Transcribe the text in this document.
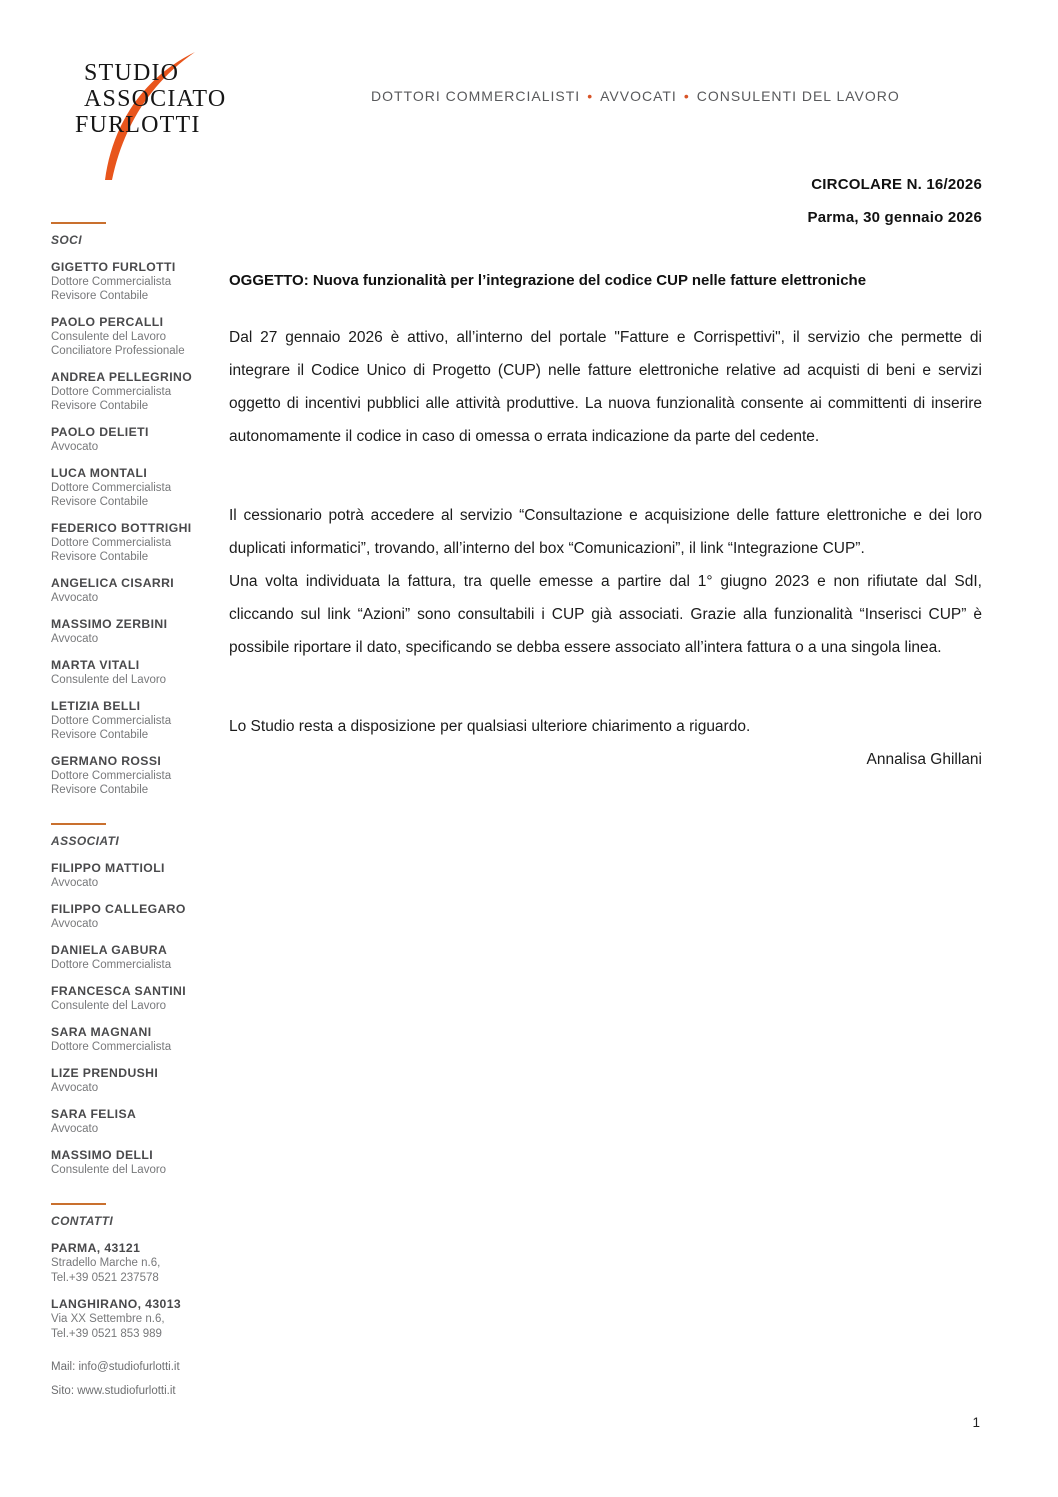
STUDIO
ASSOCIATO
FURLOTTI
DOTTORI COMMERCIALISTI • AVVOCATI • CONSULENTI DEL LAVORO
CIRCOLARE N. 16/2026
Parma, 30 gennaio 2026
SOCI
GIGETTO FURLOTTI
Dottore Commercialista
Revisore Contabile
PAOLO PERCALLI
Consulente del Lavoro
Conciliatore Professionale
ANDREA PELLEGRINO
Dottore Commercialista
Revisore Contabile
PAOLO DELIETI
Avvocato
LUCA MONTALI
Dottore Commercialista
Revisore Contabile
FEDERICO BOTTRIGHI
Dottore Commercialista
Revisore Contabile
ANGELICA CISARRI
Avvocato
MASSIMO ZERBINI
Avvocato
MARTA VITALI
Consulente del Lavoro
LETIZIA BELLI
Dottore Commercialista
Revisore Contabile
GERMANO ROSSI
Dottore Commercialista
Revisore Contabile
ASSOCIATI
FILIPPO MATTIOLI
Avvocato
FILIPPO CALLEGARO
Avvocato
DANIELA GABURA
Dottore Commercialista
FRANCESCA SANTINI
Consulente del Lavoro
SARA MAGNANI
Dottore Commercialista
LIZE PRENDUSHI
Avvocato
SARA FELISA
Avvocato
MASSIMO DELLI
Consulente del Lavoro
CONTATTI
PARMA, 43121
Stradello Marche n.6,
Tel.+39 0521 237578
LANGHIRANO, 43013
Via XX Settembre n.6,
Tel.+39 0521 853 989
Mail: info@studiofurlotti.it
Sito: www.studiofurlotti.it
OGGETTO: Nuova funzionalità per l’integrazione del codice CUP nelle fatture elettroniche

Dal 27 gennaio 2026 è attivo, all’interno del portale "Fatture e Corrispettivi", il servizio che permette di integrare il Codice Unico di Progetto (CUP) nelle fatture elettroniche relative ad acquisti di beni e servizi oggetto di incentivi pubblici alle attività produttive. La nuova funzionalità consente ai committenti di inserire autonomamente il codice in caso di omessa o errata indicazione da parte del cedente.

Il cessionario potrà accedere al servizio “Consultazione e acquisizione delle fatture elettroniche e dei loro duplicati informatici”, trovando, all’interno del box “Comunicazioni”, il link “Integrazione CUP”.

Una volta individuata la fattura, tra quelle emesse a partire dal 1° giugno 2023 e non rifiutate dal SdI, cliccando sul link “Azioni” sono consultabili i CUP già associati. Grazie alla funzionalità “Inserisci CUP” è possibile riportare il dato, specificando se debba essere associato all’intera fattura o a una singola linea.

Lo Studio resta a disposizione per qualsiasi ulteriore chiarimento a riguardo.

Annalisa Ghillani

1
